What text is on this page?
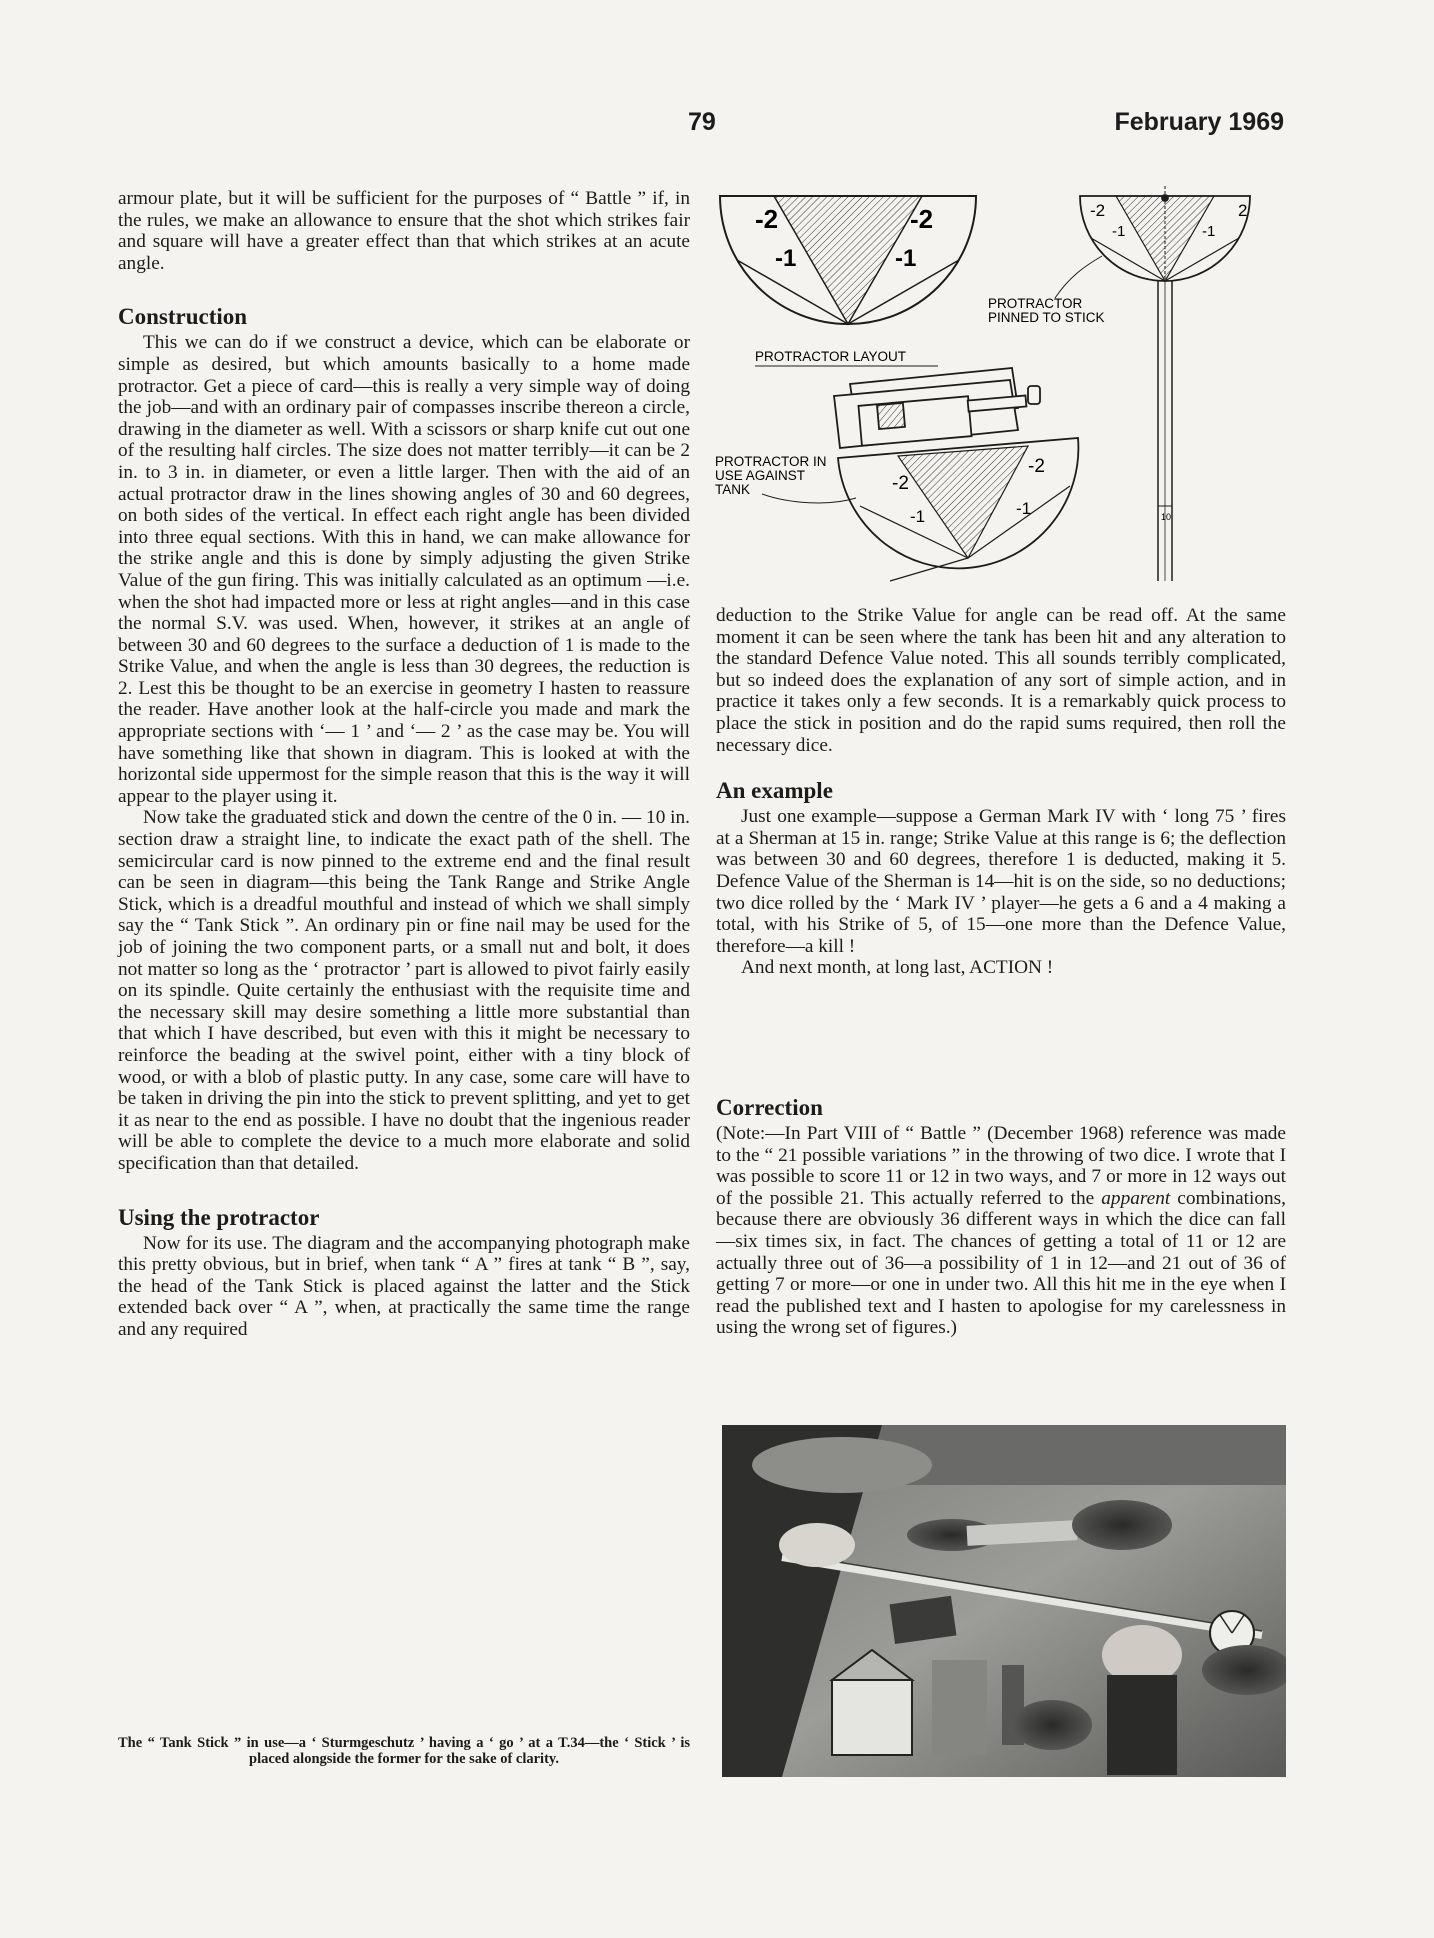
79	February 1969

armour plate, but it will be sufficient for the purposes of “ Battle ” if, in the rules, we make an allowance to ensure that the shot which strikes fair and square will have a greater effect than that which strikes at an acute angle.

Construction

This we can do if we construct a device, which can be elaborate or simple as desired, but which amounts basically to a home made protractor. Get a piece of card—this is really a very simple way of doing the job—and with an ordinary pair of compasses inscribe thereon a circle, drawing in the diameter as well. With a scissors or sharp knife cut out one of the resulting half circles. The size does not matter terribly—it can be 2 in. to 3 in. in diameter, or even a little larger. Then with the aid of an actual protractor draw in the lines showing angles of 30 and 60 degrees, on both sides of the vertical. In effect each right angle has been divided into three equal sections. With this in hand, we can make allowance for the strike angle and this is done by simply adjusting the given Strike Value of the gun firing. This was initially calculated as an optimum —i.e. when the shot had impacted more or less at right angles—and in this case the normal S.V. was used. When, however, it strikes at an angle of between 30 and 60 degrees to the surface a deduction of 1 is made to the Strike Value, and when the angle is less than 30 degrees, the reduction is 2. Lest this be thought to be an exercise in geometry I hasten to reassure the reader. Have another look at the half-circle you made and mark the appropriate sections with ‘— 1 ’ and ‘— 2 ’ as the case may be. You will have something like that shown in diagram. This is looked at with the horizontal side uppermost for the simple reason that this is the way it will appear to the player using it.

Now take the graduated stick and down the centre of the 0 in. — 10 in. section draw a straight line, to indicate the exact path of the shell. The semicircular card is now pinned to the extreme end and the final result can be seen in diagram—this being the Tank Range and Strike Angle Stick, which is a dreadful mouthful and instead of which we shall simply say the “ Tank Stick ”. An ordinary pin or fine nail may be used for the job of joining the two component parts, or a small nut and bolt, it does not matter so long as the ‘ protractor ’ part is allowed to pivot fairly easily on its spindle. Quite certainly the enthusiast with the requisite time and the necessary skill may desire something a little more substantial than that which I have described, but even with this it might be necessary to reinforce the beading at the swivel point, either with a tiny block of wood, or with a blob of plastic putty. In any case, some care will have to be taken in driving the pin into the stick to prevent splitting, and yet to get it as near to the end as possible. I have no doubt that the ingenious reader will be able to complete the device to a much more elaborate and solid specification than that detailed.

Using the protractor

Now for its use. The diagram and the accompanying photograph make this pretty obvious, but in brief, when tank “ A ” fires at tank “ B ”, say, the head of the Tank Stick is placed against the latter and the Stick extended back over “ A ”, when, at practically the same time the range and any required

The “ Tank Stick ” in use—a ‘ Sturmgeschutz ’ having a ‘ go ’ at a T.34—the ‘ Stick ’ is placed alongside the former for the sake of clarity.
-2	-2
-1	-1
PROTRACTOR LAYOUT
-2	2
-1	-1
10
PROTRACTOR
PINNED TO STICK
-2
-2
-1	-1
PROTRACTOR IN
USE AGAINST
TANK

deduction to the Strike Value for angle can be read off. At the same moment it can be seen where the tank has been hit and any alteration to the standard Defence Value noted. This all sounds terribly complicated, but so indeed does the explanation of any sort of simple action, and in practice it takes only a few seconds. It is a remarkably quick process to place the stick in position and do the rapid sums required, then roll the necessary dice.

An example

Just one example—suppose a German Mark IV with ‘ long 75 ’ fires at a Sherman at 15 in. range; Strike Value at this range is 6; the deflection was between 30 and 60 degrees, therefore 1 is deducted, making it 5. Defence Value of the Sherman is 14—hit is on the side, so no deductions; two dice rolled by the ‘ Mark IV ’ player—he gets a 6 and a 4 making a total, with his Strike of 5, of 15—one more than the Defence Value, therefore—a kill !

And next month, at long last, ACTION !

Correction

(Note:—In Part VIII of “ Battle ” (December 1968) reference was made to the “ 21 possible variations ” in the throwing of two dice. I wrote that I was possible to score 11 or 12 in two ways, and 7 or more in 12 ways out of the possible 21. This actually referred to the apparent combinations, because there are obviously 36 different ways in which the dice can fall—six times six, in fact. The chances of getting a total of 11 or 12 are actually three out of 36—a possibility of 1 in 12—and 21 out of 36 of getting 7 or more—or one in under two. All this hit me in the eye when I read the published text and I hasten to apologise for my carelessness in using the wrong set of figures.)
